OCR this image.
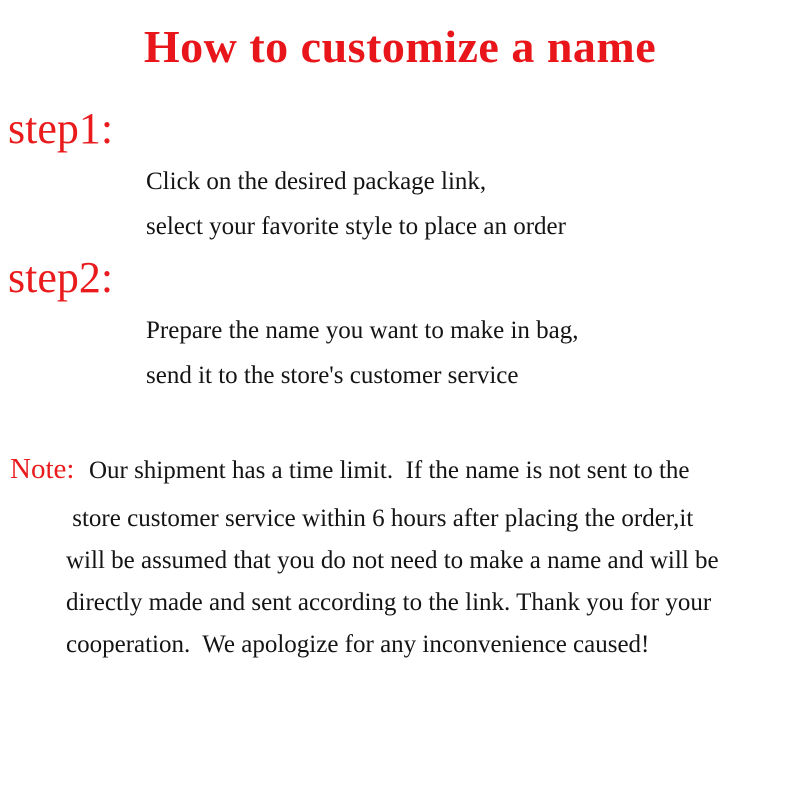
How to customize a name
step1:
Click on the desired package link,
select your favorite style to place an order
step2:
Prepare the name you want to make in bag,
send it to the store's customer service
Note:  Our shipment has a time limit.  If the name is not sent to the
store customer service within 6 hours after placing the order,it
will be assumed that you do not need to make a name and will be
directly made and sent according to the link. Thank you for your
cooperation.  We apologize for any inconvenience caused!
